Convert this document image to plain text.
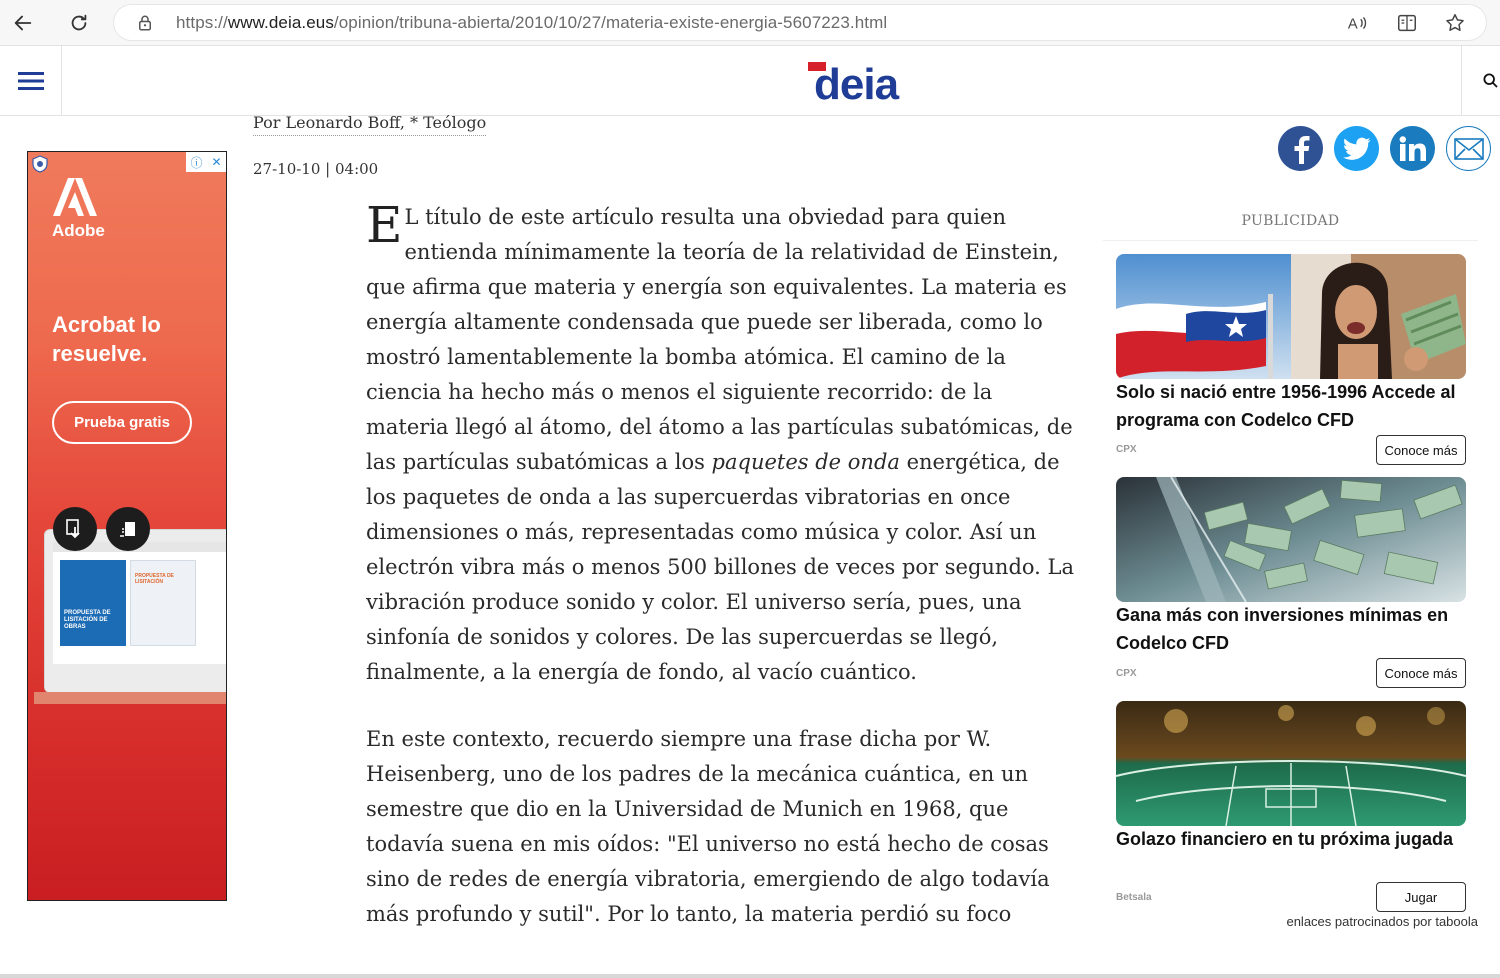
https://www.deia.eus/opinion/tribuna-abierta/2010/10/27/materia-existe-energia-5607223.html	A
deia
Por Leonardo Boff, * Teólogo
27-10-10 | 04:00
ⓘ ✕
Adobe
Acrobat lo resuelve.
Prueba gratis
PROPUESTA DE LISITACIÓN DE OBRAS
PROPUESTA DE LISITACIÓN

E L título de este artículo resulta una obviedad para quien entienda mínimamente la teoría de la relatividad de Einstein, que afirma que materia y energía son equivalentes. La materia es energía altamente condensada que puede ser liberada, como lo mostró lamentablemente la bomba atómica. El camino de la ciencia ha hecho más o menos el siguiente recorrido: de la materia llegó al átomo, del átomo a las partículas subatómicas, de las partículas subatómicas a los paquetes de onda energética, de los paquetes de onda a las supercuerdas vibratorias en once dimensiones o más, representadas como música y color. Así un electrón vibra más o menos 500 billones de veces por segundo. La vibración produce sonido y color. El universo sería, pues, una sinfonía de sonidos y colores. De las supercuerdas se llegó, finalmente, a la energía de fondo, al vacío cuántico.

En este contexto, recuerdo siempre una frase dicha por W. Heisenberg, uno de los padres de la mecánica cuántica, en un semestre que dio en la Universidad de Munich en 1968, que todavía suena en mis oídos: "El universo no está hecho de cosas sino de redes de energía vibratoria, emergiendo de algo todavía más profundo y sutil". Por lo tanto, la materia perdió su foco

PUBLICIDAD
Solo si nació entre 1956-1996 Accede al programa con Codelco CFD
CPX	Conoce más
Gana más con inversiones mínimas en Codelco CFD
CPX	Conoce más
Golazo financiero en tu próxima jugada
Betsala	Jugar
enlaces patrocinados por taboola
